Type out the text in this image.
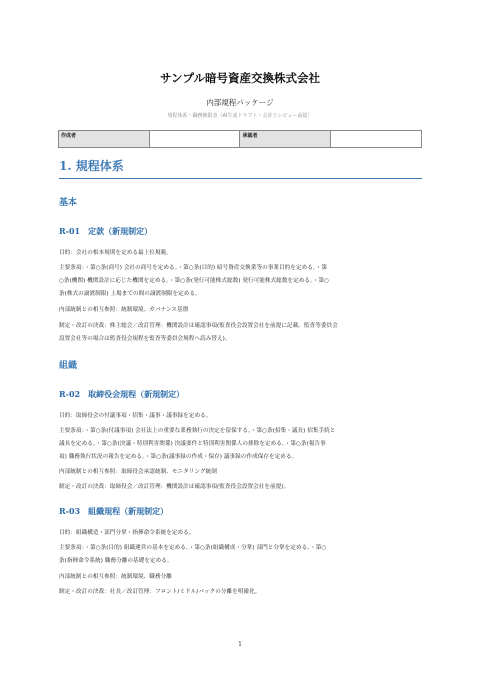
サンプル暗号資産交換株式会社
内部規程パッケージ
規程体系・職務権限表（AI生成ドラフト・会計士レビュー前提）
作成者		承認者	
1. 規程体系
基本
R-01 定款（新規制定）
目的：会社の根本規則を定める最上位規範。
主要条項：・第○条(商号) 会社の商号を定める。・第○条(目的) 暗号資産交換業等の事業目的を定める。・第
○条(機関) 機関設計に応じた機関を定める。・第○条(発行可能株式総数) 発行可能株式総数を定める。・第○
条(株式の譲渡制限) 上場までの間の譲渡制限を定める。
内部統制との相互参照：統制環境、ガバナンス基盤
制定・改訂の決裁：株主総会／改訂管理：機関設計は確認事項(監査役会設置会社を前提に記載。監査等委員会
設置会社等の場合は監査役会規程を監査等委員会規程へ読み替え)。
組織
R-02 取締役会規程（新規制定）
目的：取締役会の付議事項・招集・議事・議事録を定める。
主要条項：・第○条(付議事項) 会社法上の重要な業務執行の決定を留保する。・第○条(招集・議長) 招集手続と
議長を定める。・第○条(決議・特別利害関係) 決議要件と特別利害関係人の排除を定める。・第○条(報告事
項) 職務執行状況の報告を定める。・第○条(議事録の作成・保存) 議事録の作成保存を定める。
内部統制との相互参照：取締役会承認統制、モニタリング統制
制定・改訂の決裁：取締役会／改訂管理：機関設計は確認事項(監査役会設置会社を前提)。
R-03 組織規程（新規制定）
目的：組織構造・部門分掌・指揮命令系統を定める。
主要条項：・第○条(目的) 組織運営の基本を定める。・第○条(組織構成・分掌) 部門と分掌を定める。・第○
条(指揮命令系統) 職務分離の基礎を定める。
内部統制との相互参照：統制環境、職務分離
制定・改訂の決裁：社長／改訂管理：フロント/ミドル/バックの分離を明確化。
1
